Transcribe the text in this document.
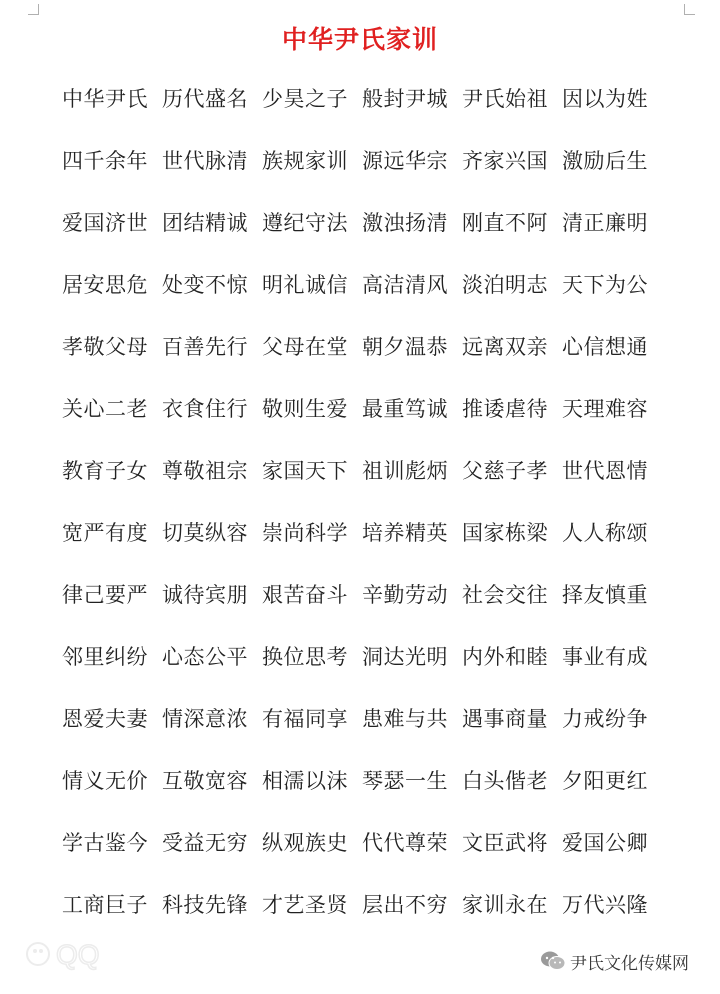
中华尹氏家训
中华尹氏 历代盛名 少昊之子 般封尹城 尹氏始祖 因以为姓
四千余年 世代脉清 族规家训 源远华宗 齐家兴国 激励后生
爱国济世 团结精诚 遵纪守法 激浊扬清 刚直不阿 清正廉明
居安思危 处变不惊 明礼诚信 高洁清风 淡泊明志 天下为公
孝敬父母 百善先行 父母在堂 朝夕温恭 远离双亲 心信想通
关心二老 衣食住行 敬则生爱 最重笃诚 推诿虐待 天理难容
教育子女 尊敬祖宗 家国天下 祖训彪炳 父慈子孝 世代恩情
宽严有度 切莫纵容 崇尚科学 培养精英 国家栋梁 人人称颂
律己要严 诚待宾朋 艰苦奋斗 辛勤劳动 社会交往 择友慎重
邻里纠纷 心态公平 换位思考 洞达光明 内外和睦 事业有成
恩爱夫妻 情深意浓 有福同享 患难与共 遇事商量 力戒纷争
情义无价 互敬宽容 相濡以沫 琴瑟一生 白头偕老 夕阳更红
学古鉴今 受益无穷 纵观族史 代代尊荣 文臣武将 爱国公卿
工商巨子 科技先锋 才艺圣贤 层出不穷 家训永在 万代兴隆
QQ	尹氏文化传媒网
